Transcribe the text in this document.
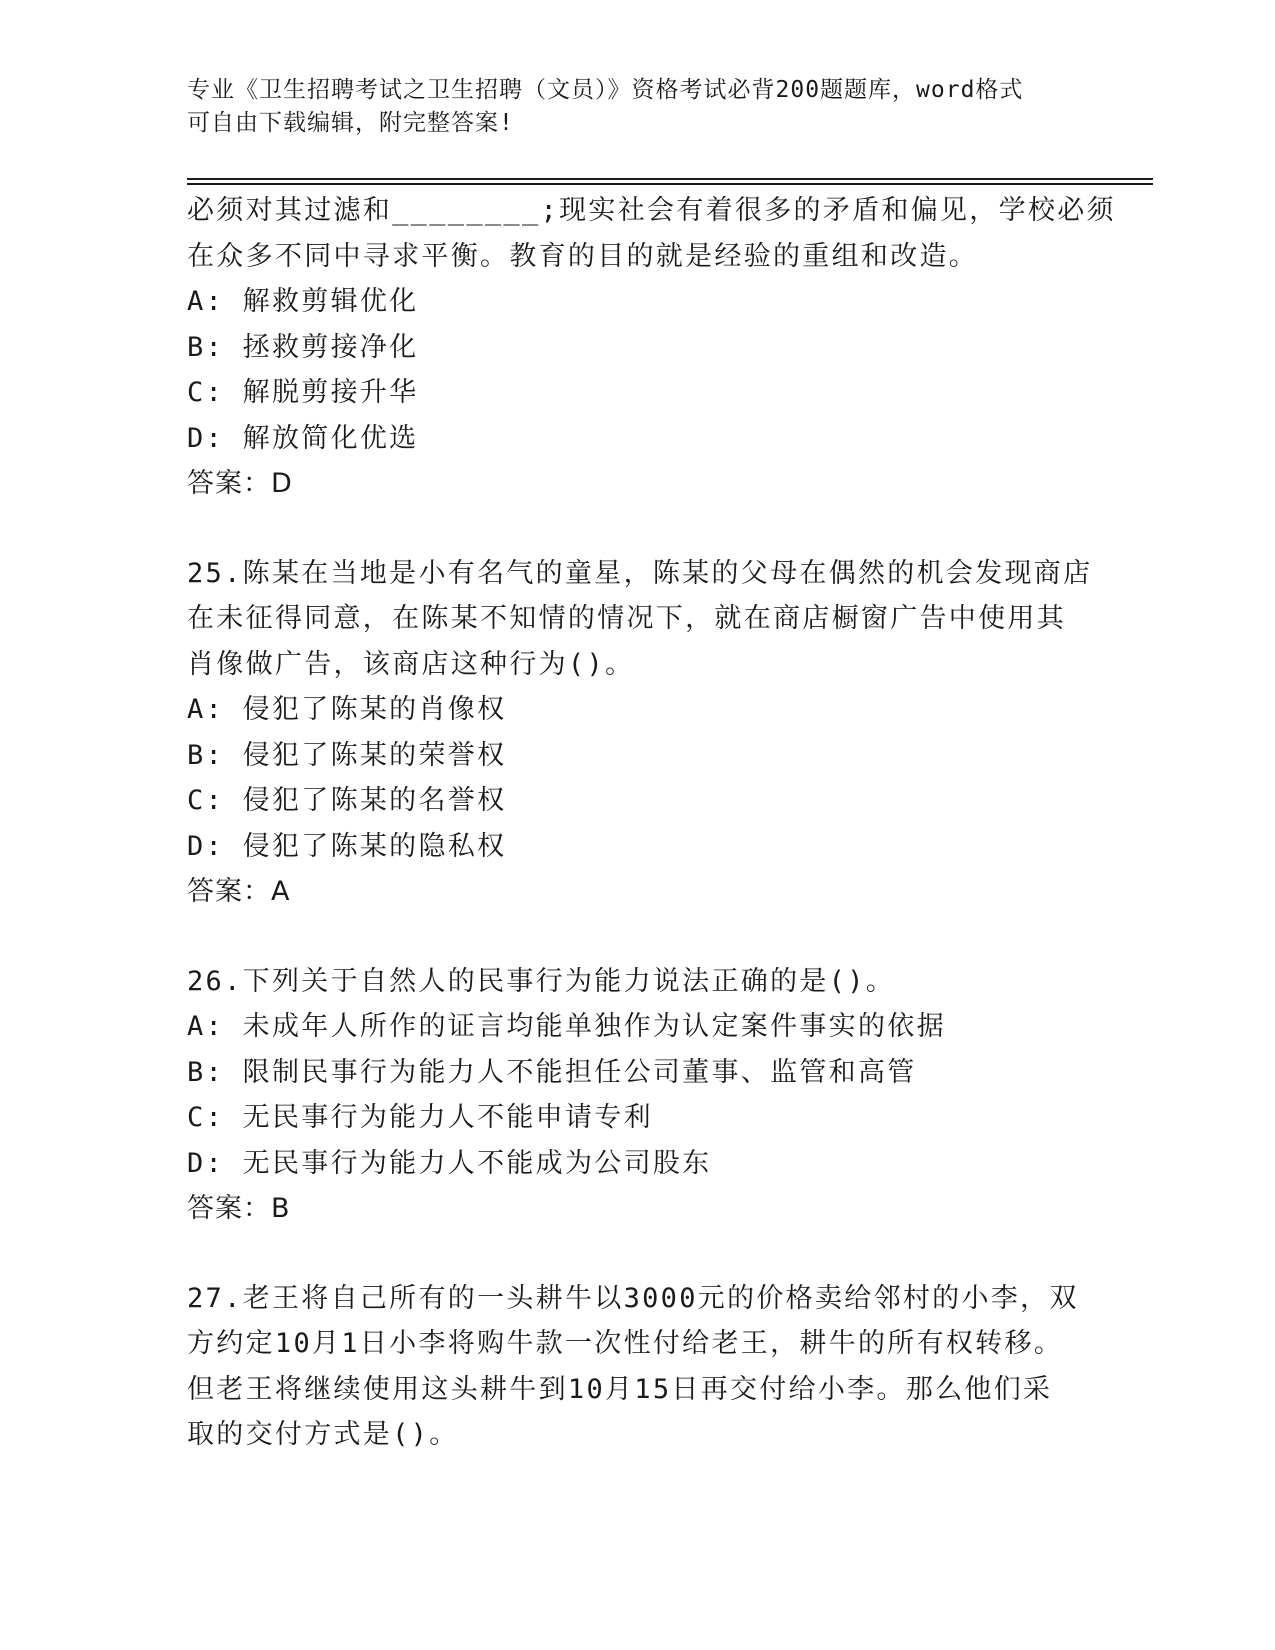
专业《卫生招聘考试之卫生招聘（文员）》资格考试必背200题题库，word格式
可自由下载编辑，附完整答案!
必须对其过滤和________;现实社会有着很多的矛盾和偏见，学校必须
在众多不同中寻求平衡。教育的目的就是经验的重组和改造。
A: 解救剪辑优化
B: 拯救剪接净化
C: 解脱剪接升华
D: 解放简化优选
答案：D
25.陈某在当地是小有名气的童星，陈某的父母在偶然的机会发现商店
在未征得同意，在陈某不知情的情况下，就在商店橱窗广告中使用其
肖像做广告，该商店这种行为()。
A: 侵犯了陈某的肖像权
B: 侵犯了陈某的荣誉权
C: 侵犯了陈某的名誉权
D: 侵犯了陈某的隐私权
答案：A
26.下列关于自然人的民事行为能力说法正确的是()。
A: 未成年人所作的证言均能单独作为认定案件事实的依据
B: 限制民事行为能力人不能担任公司董事、监管和高管
C: 无民事行为能力人不能申请专利
D: 无民事行为能力人不能成为公司股东
答案：B
27.老王将自己所有的一头耕牛以3000元的价格卖给邻村的小李，双
方约定10月1日小李将购牛款一次性付给老王，耕牛的所有权转移。
但老王将继续使用这头耕牛到10月15日再交付给小李。那么他们采
取的交付方式是()。
